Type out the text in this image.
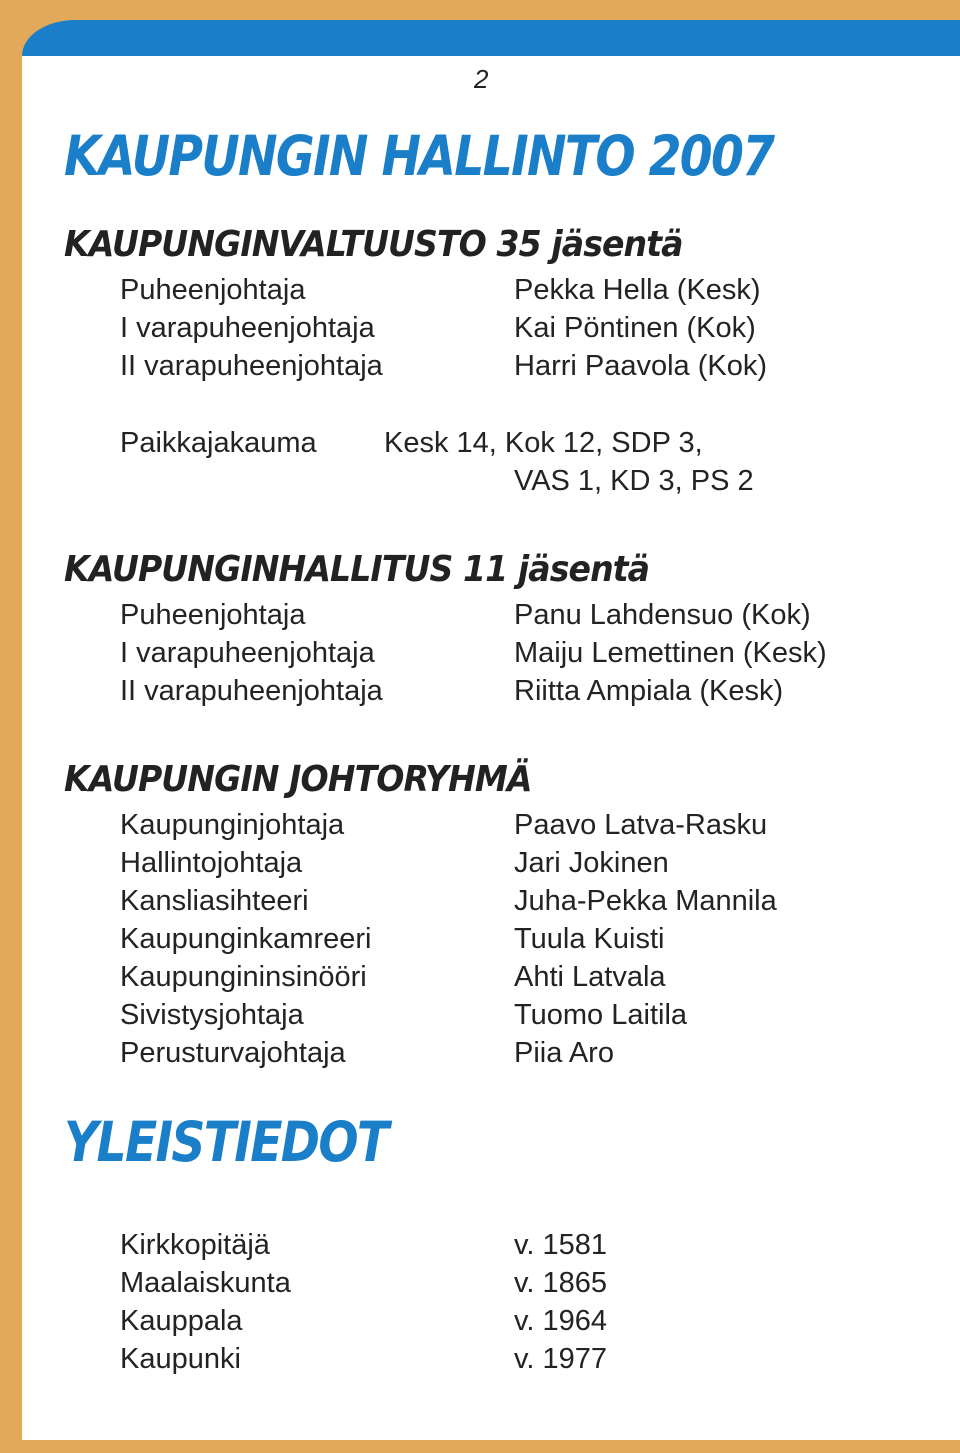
2

KAUPUNGIN HALLINTO 2007
KAUPUNGINVALTUUSTO 35 jäsentä
Puheenjohtaja	Pekka Hella (Kesk)
I varapuheenjohtaja	Kai Pöntinen (Kok)
II varapuheenjohtaja	Harri Paavola (Kok)
Paikkajakauma Kesk 14, Kok 12, SDP 3,
VAS 1, KD 3, PS 2
KAUPUNGINHALLITUS 11 jäsentä
Puheenjohtaja	Panu Lahdensuo (Kok)
I varapuheenjohtaja	Maiju Lemettinen (Kesk)
II varapuheenjohtaja	Riitta Ampiala (Kesk)
KAUPUNGIN JOHTORYHMÄ
Kaupunginjohtaja	Paavo Latva-Rasku
Hallintojohtaja	Jari Jokinen
Kansliasihteeri	Juha-Pekka Mannila
Kaupunginkamreeri	Tuula Kuisti
Kaupungininsinööri	Ahti Latvala
Sivistysjohtaja	Tuomo Laitila
Perusturvajohtaja	Piia Aro
YLEISTIEDOT
Kirkkopitäjä	v. 1581
Maalaiskunta	v. 1865
Kauppala	v. 1964
Kaupunki	v. 1977
